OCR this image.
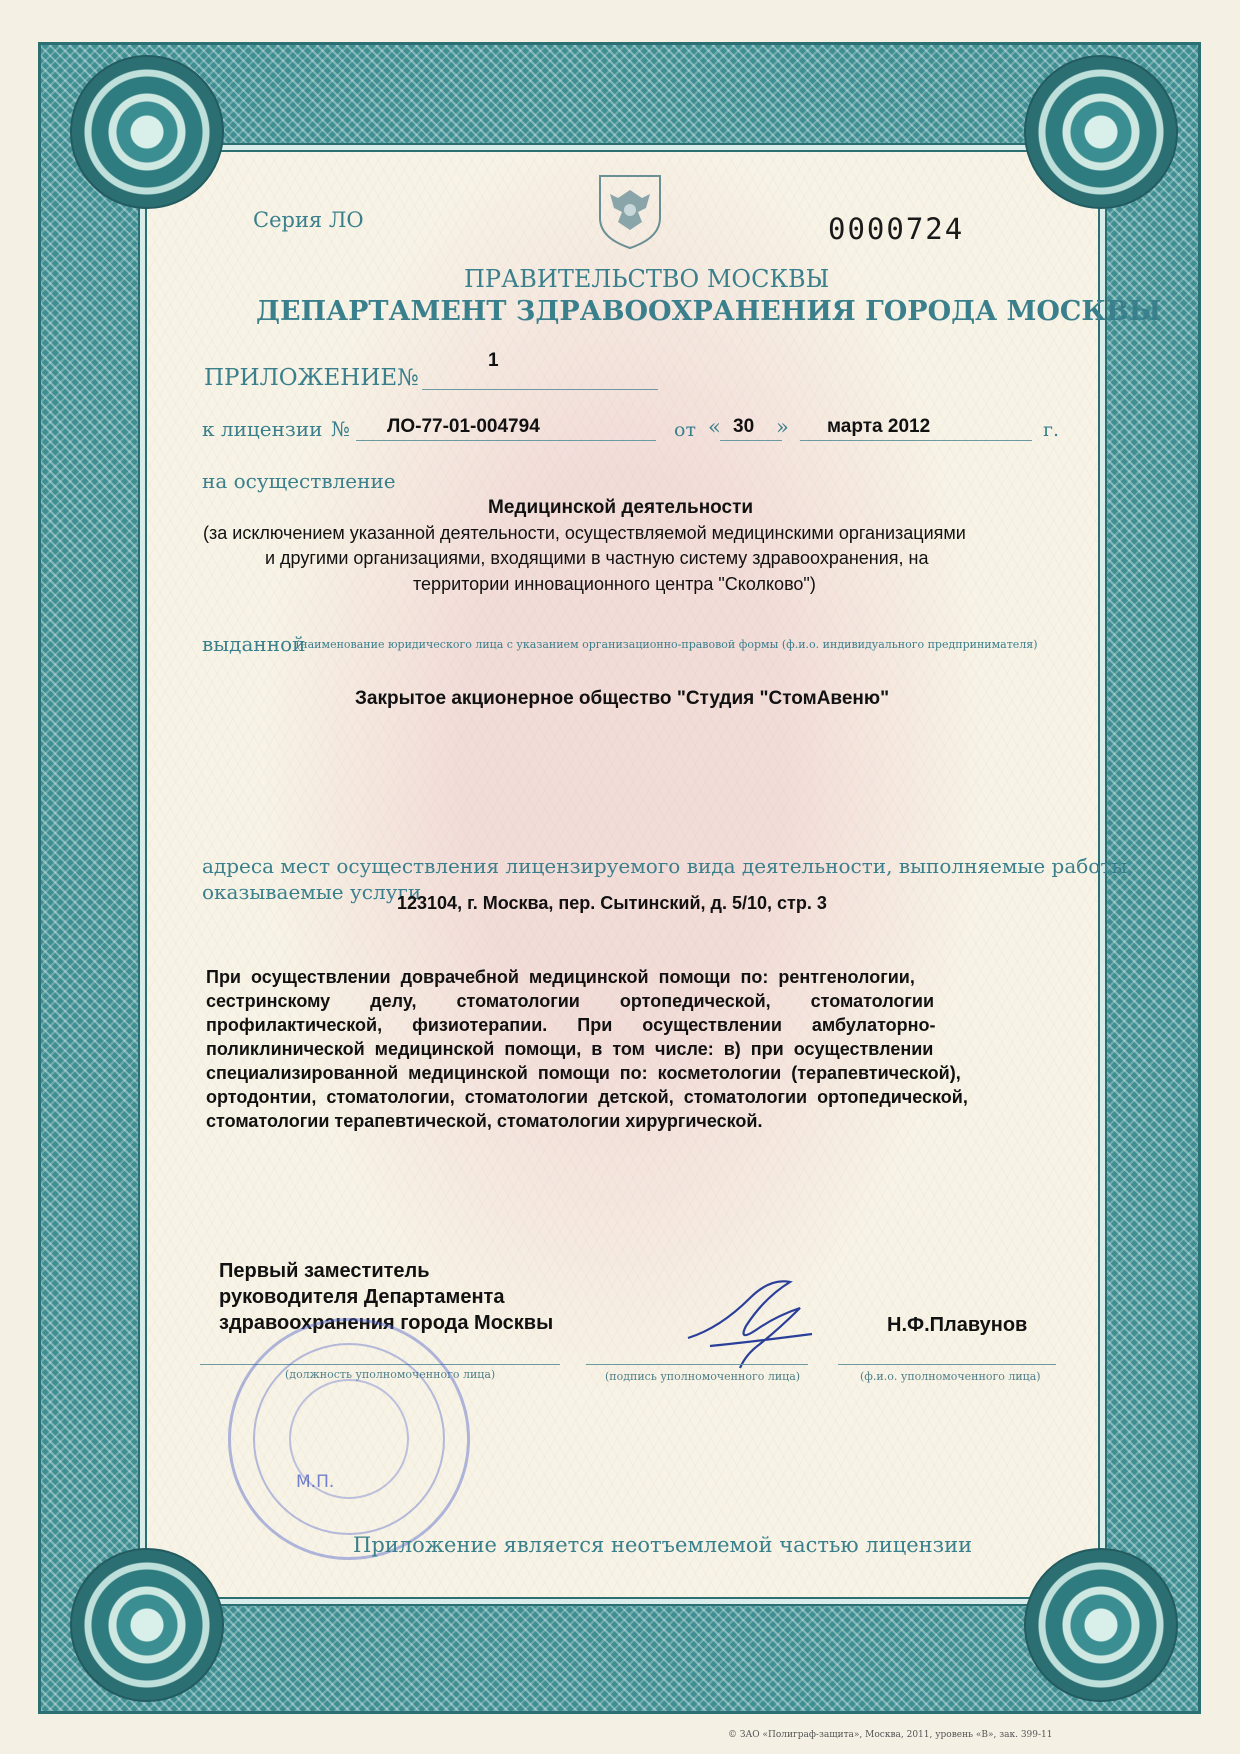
Серия ЛО	0000724
ПРАВИТЕЛЬСТВО МОСКВЫ
ДЕПАРТАМЕНТ ЗДРАВООХРАНЕНИЯ ГОРОДА МОСКВЫ
ПРИЛОЖЕНИЕ №
1
к лицензии № ЛО-77-01-004794	от « 30 » марта 2012	г.
на осуществление
Медицинской деятельности
(за исключением указанной деятельности, осуществляемой медицинскими организациями
и другими организациями, входящими в частную систему здравоохранения, на
территории инновационного центра "Сколково")
выданной
(наименование юридического лица с указанием организационно-правовой формы (ф.и.о. индивидуального предпринимателя)
Закрытое акционерное общество "Студия "СтомАвеню"
адреса мест осуществления лицензируемого вида деятельности, выполняемые работы,
оказываемые услуги
123104, г. Москва, пер. Сытинский, д. 5/10, стр. 3
При  осуществлении  доврачебной  медицинской  помощи  по:  рентгенологии,
сестринскому        делу,        стоматологии        ортопедической,        стоматологии
профилактической,      физиотерапии.      При      осуществлении      амбулаторно-
поликлинической  медицинской  помощи,  в  том  числе:  в)  при  осуществлении
специализированной  медицинской  помощи  по:  косметологии  (терапевтической),
ортодонтии,  стоматологии,  стоматологии  детской,  стоматологии  ортопедической,
стоматологии терапевтической, стоматологии хирургической.
Первый заместитель
руководителя Департамента
здравоохранения города Москвы	Н.Ф.Плавунов
(должность уполномоченного лица)	(подпись уполномоченного лица)	(ф.и.о. уполномоченного лица)
М.П.
Приложение является неотъемлемой частью лицензии
© ЗАО «Полиграф-защита», Москва, 2011, уровень «В», зак. 399-11
